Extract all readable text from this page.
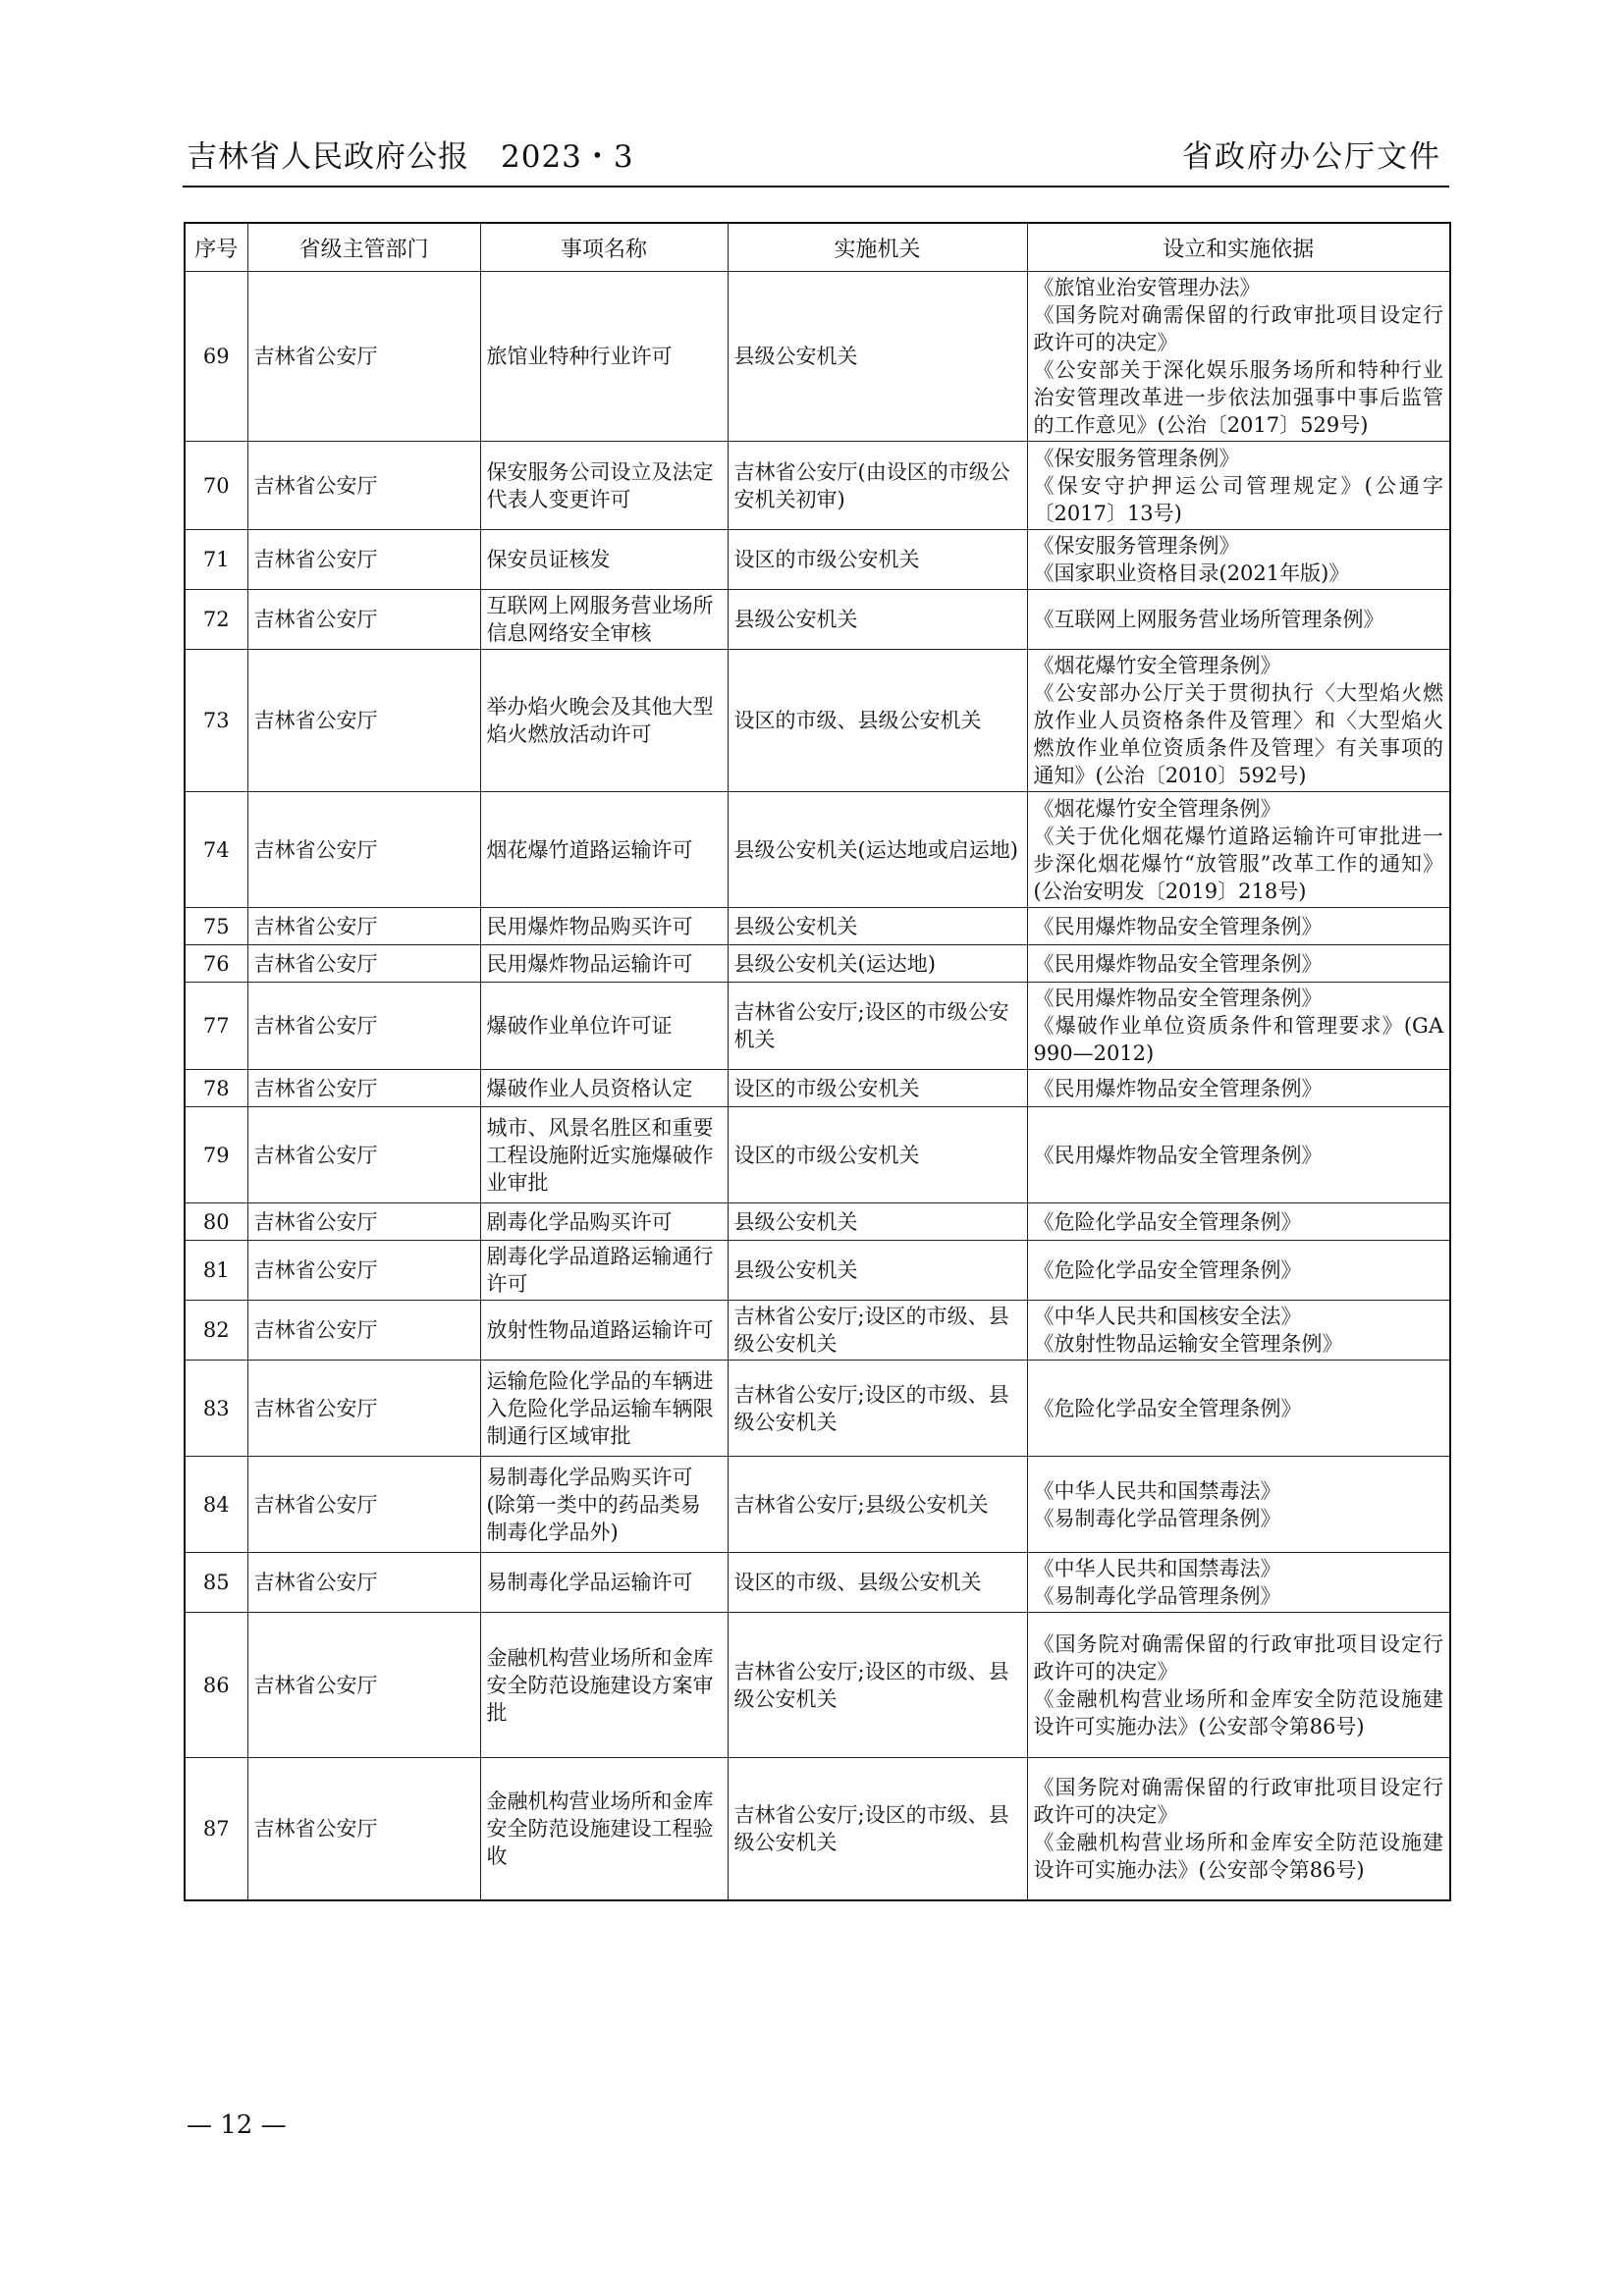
吉林省人民政府公报 2023・3	省政府办公厅文件
序号	省级主管部门	事项名称	实施机关	设立和实施依据
69	吉林省公安厅	旅馆业特种行业许可	县级公安机关	《旅馆业治安管理办法》
《国务院对确需保留的行政审批项目设定行政许可的决定》
《公安部关于深化娱乐服务场所和特种行业治安管理改革进一步依法加强事中事后监管的工作意见》(公治〔2017〕529号)

70	吉林省公安厅	保安服务公司设立及法定代表人变更许可	吉林省公安厅(由设区的市级公安机关初审)	《保安服务管理条例》
《保安守护押运公司管理规定》(公通字〔2017〕13号)

71	吉林省公安厅	保安员证核发	设区的市级公安机关	《保安服务管理条例》
《国家职业资格目录(2021年版)》

72	吉林省公安厅	互联网上网服务营业场所信息网络安全审核	县级公安机关	《互联网上网服务营业场所管理条例》

73	吉林省公安厅	举办焰火晚会及其他大型焰火燃放活动许可	设区的市级、县级公安机关	《烟花爆竹安全管理条例》
《公安部办公厅关于贯彻执行〈大型焰火燃放作业人员资格条件及管理〉和〈大型焰火燃放作业单位资质条件及管理〉有关事项的通知》(公治〔2010〕592号)

74	吉林省公安厅	烟花爆竹道路运输许可	县级公安机关(运达地或启运地)	《烟花爆竹安全管理条例》
《关于优化烟花爆竹道路运输许可审批进一步深化烟花爆竹“放管服”改革工作的通知》(公治安明发〔2019〕218号)

75	吉林省公安厅	民用爆炸物品购买许可	县级公安机关	《民用爆炸物品安全管理条例》

76	吉林省公安厅	民用爆炸物品运输许可	县级公安机关(运达地)	《民用爆炸物品安全管理条例》

77	吉林省公安厅	爆破作业单位许可证	吉林省公安厅;设区的市级公安机关	《民用爆炸物品安全管理条例》
《爆破作业单位资质条件和管理要求》(GA 990—2012)

78	吉林省公安厅	爆破作业人员资格认定	设区的市级公安机关	《民用爆炸物品安全管理条例》

79	吉林省公安厅	城市、风景名胜区和重要工程设施附近实施爆破作业审批	设区的市级公安机关	《民用爆炸物品安全管理条例》

80	吉林省公安厅	剧毒化学品购买许可	县级公安机关	《危险化学品安全管理条例》

81	吉林省公安厅	剧毒化学品道路运输通行许可	县级公安机关	《危险化学品安全管理条例》

82	吉林省公安厅	放射性物品道路运输许可	吉林省公安厅;设区的市级、县级公安机关	《中华人民共和国核安全法》
《放射性物品运输安全管理条例》

83	吉林省公安厅	运输危险化学品的车辆进入危险化学品运输车辆限制通行区域审批	吉林省公安厅;设区的市级、县级公安机关	《危险化学品安全管理条例》

84	吉林省公安厅	易制毒化学品购买许可(除第一类中的药品类易制毒化学品外)	吉林省公安厅;县级公安机关	《中华人民共和国禁毒法》
《易制毒化学品管理条例》

85	吉林省公安厅	易制毒化学品运输许可	设区的市级、县级公安机关	《中华人民共和国禁毒法》
《易制毒化学品管理条例》

86	吉林省公安厅	金融机构营业场所和金库安全防范设施建设方案审批	吉林省公安厅;设区的市级、县级公安机关	《国务院对确需保留的行政审批项目设定行政许可的决定》
《金融机构营业场所和金库安全防范设施建设许可实施办法》(公安部令第86号)

87	吉林省公安厅	金融机构营业场所和金库安全防范设施建设工程验收	吉林省公安厅;设区的市级、县级公安机关	《国务院对确需保留的行政审批项目设定行政许可的决定》
《金融机构营业场所和金库安全防范设施建设许可实施办法》(公安部令第86号)
— 12 —
